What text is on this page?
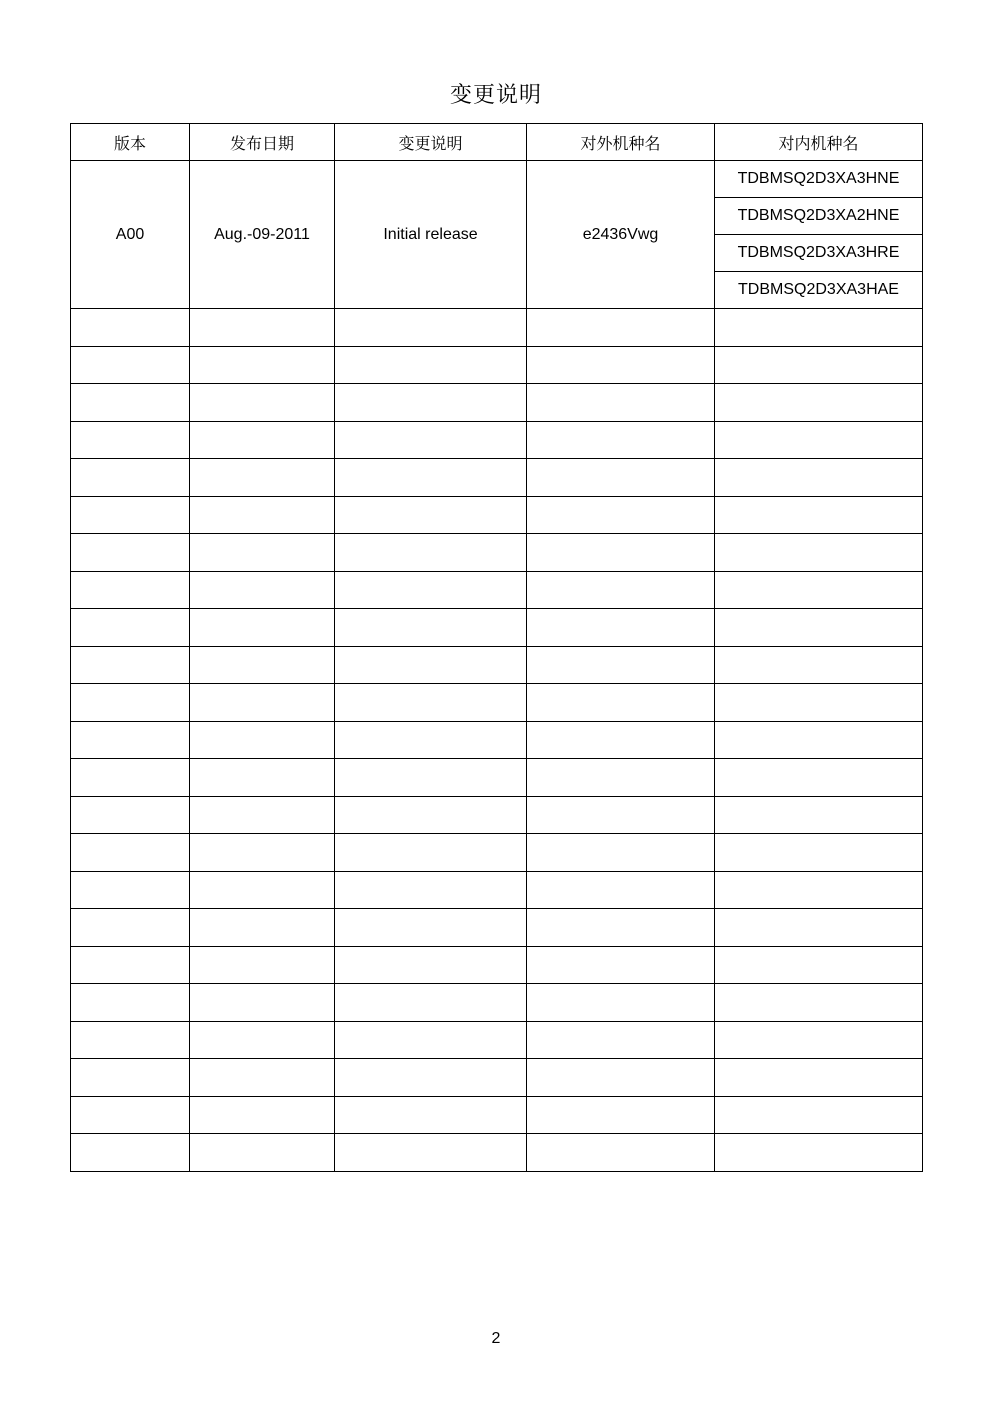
变更说明
版本	发布日期	变更说明	对外机种名	对内机种名
A00	Aug.-09-2011	Initial release	e2436Vwg	TDBMSQ2D3XA3HNE
				TDBMSQ2D3XA2HNE
				TDBMSQ2D3XA3HRE
				TDBMSQ2D3XA3HAE

2
